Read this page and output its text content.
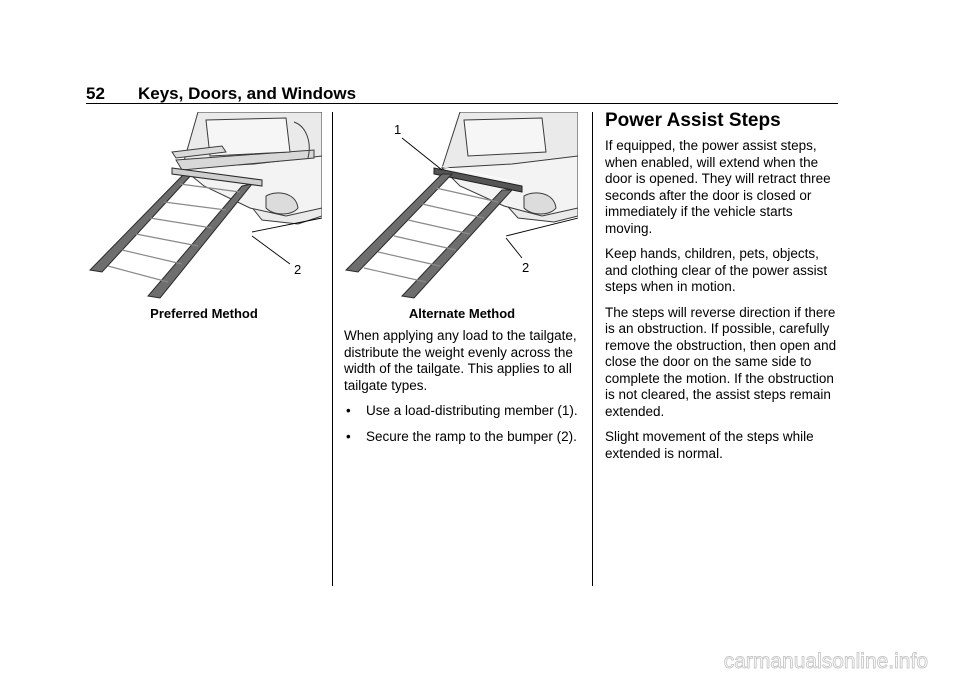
52 Keys, Doors, and Windows
2
Preferred Method
1
2
Alternate Method

When applying any load to the tailgate, distribute the weight evenly across the width of the tailgate. This applies to all tailgate types.

• Use a load-distributing member (1).
• Secure the ramp to the bumper (2).
Power Assist Steps

If equipped, the power assist steps, when enabled, will extend when the door is opened. They will retract three seconds after the door is closed or immediately if the vehicle starts moving.

Keep hands, children, pets, objects, and clothing clear of the power assist steps when in motion.

The steps will reverse direction if there is an obstruction. If possible, carefully remove the obstruction, then open and close the door on the same side to complete the motion. If the obstruction is not cleared, the assist steps remain extended.

Slight movement of the steps while extended is normal.

carmanualsonline.info
